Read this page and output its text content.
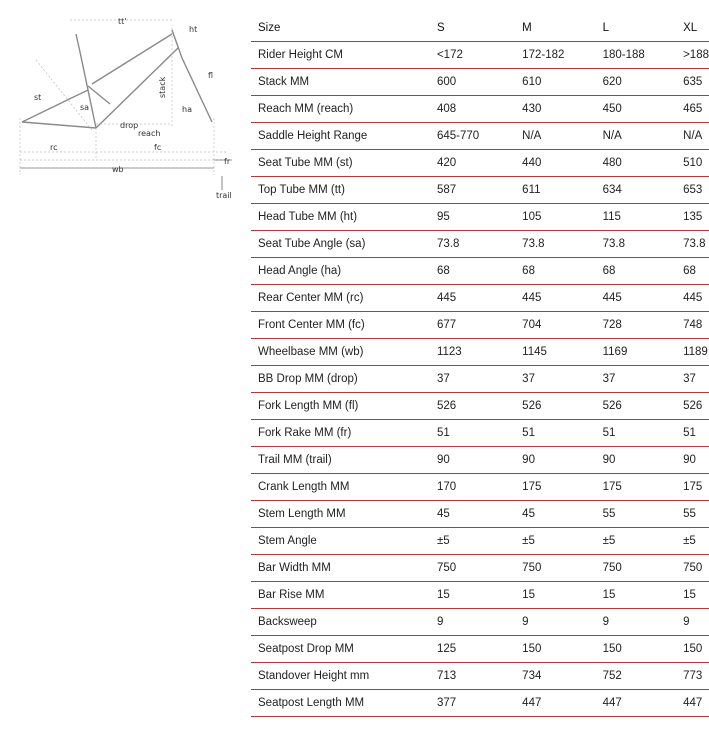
tt'
ht
st	stack
fl
sa	ha
drop
reach
rc	fc
fr
wb
trail
Size	S	M	L	XL
Rider Height CM	<172	172-182	180-188	>188
Stack MM	600	610	620	635
Reach MM (reach)	408	430	450	465
Saddle Height Range	645-770	N/A	N/A	N/A
Seat Tube MM (st)	420	440	480	510
Top Tube MM (tt)	587	611	634	653
Head Tube MM (ht)	95	105	115	135
Seat Tube Angle (sa)	73.8	73.8	73.8	73.8
Head Angle (ha)	68	68	68	68
Rear Center MM (rc)	445	445	445	445
Front Center MM (fc)	677	704	728	748
Wheelbase MM (wb)	1123	1145	1169	1189
BB Drop MM (drop)	37	37	37	37
Fork Length MM (fl)	526	526	526	526
Fork Rake MM (fr)	51	51	51	51
Trail MM (trail)	90	90	90	90
Crank Length MM	170	175	175	175
Stem Length MM	45	45	55	55
Stem Angle	±5	±5	±5	±5
Bar Width MM	750	750	750	750
Bar Rise MM	15	15	15	15
Backsweep	9	9	9	9
Seatpost Drop MM	125	150	150	150
Standover Height mm	713	734	752	773
Seatpost Length MM	377	447	447	447
